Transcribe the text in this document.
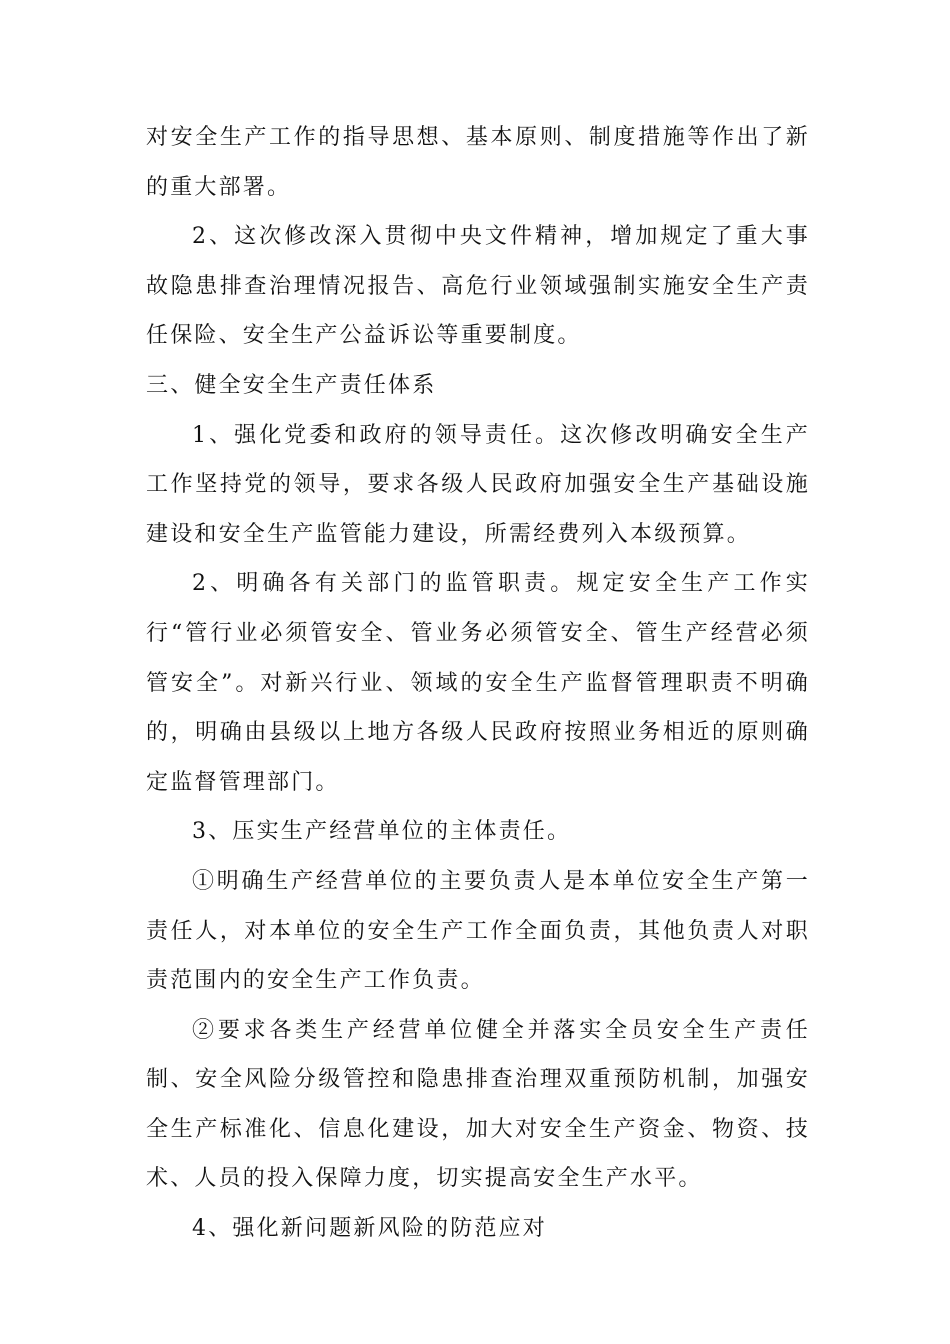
对安全生产工作的指导思想、基本原则、制度措施等作出了新的重大部署。

2、这次修改深入贯彻中央文件精神，增加规定了重大事故隐患排查治理情况报告、高危行业领域强制实施安全生产责任保险、安全生产公益诉讼等重要制度。

三、健全安全生产责任体系

1、强化党委和政府的领导责任。这次修改明确安全生产工作坚持党的领导，要求各级人民政府加强安全生产基础设施建设和安全生产监管能力建设，所需经费列入本级预算。

2、明确各有关部门的监管职责。规定安全生产工作实行“管行业必须管安全、管业务必须管安全、管生产经营必须管安全”。对新兴行业、领域的安全生产监督管理职责不明确的，明确由县级以上地方各级人民政府按照业务相近的原则确定监督管理部门。

3、压实生产经营单位的主体责任。

①明确生产经营单位的主要负责人是本单位安全生产第一责任人，对本单位的安全生产工作全面负责，其他负责人对职责范围内的安全生产工作负责。

②要求各类生产经营单位健全并落实全员安全生产责任制、安全风险分级管控和隐患排查治理双重预防机制，加强安全生产标准化、信息化建设，加大对安全生产资金、物资、技术、人员的投入保障力度，切实提高安全生产水平。

4、强化新问题新风险的防范应对
